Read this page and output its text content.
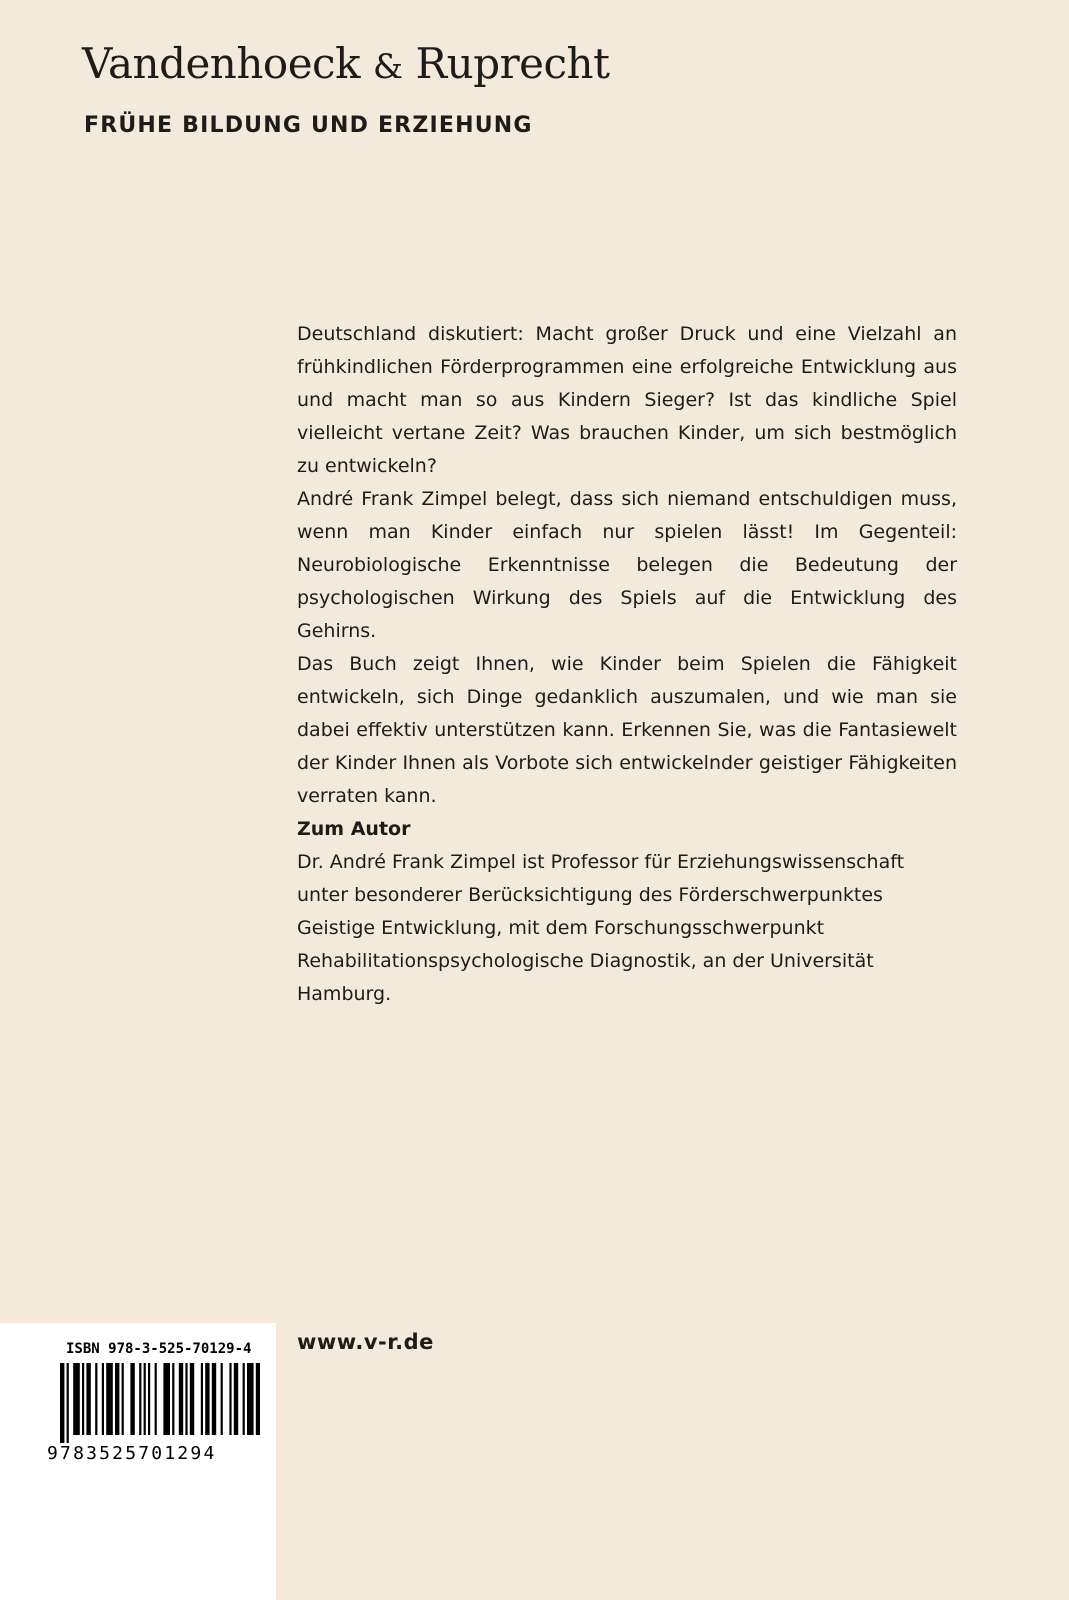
Vandenhoeck & Ruprecht
FRÜHE BILDUNG UND ERZIEHUNG

Deutschland diskutiert: Macht großer Druck und eine Vielzahl an frühkindlichen Förderprogrammen eine erfolgreiche Entwicklung aus und macht man so aus Kindern Sieger? Ist das kindliche Spiel vielleicht vertane Zeit? Was brauchen Kinder, um sich bestmöglich zu entwickeln?

André Frank Zimpel belegt, dass sich niemand entschuldigen muss, wenn man Kinder einfach nur spielen lässt! Im Gegenteil: Neurobiologische Erkenntnisse belegen die Bedeutung der psychologischen Wirkung des Spiels auf die Entwicklung des Gehirns.

Das Buch zeigt Ihnen, wie Kinder beim Spielen die Fähigkeit entwickeln, sich Dinge gedanklich auszumalen, und wie man sie dabei effektiv unterstützen kann. Erkennen Sie, was die Fantasiewelt der Kinder Ihnen als Vorbote sich entwickelnder geistiger Fähigkeiten verraten kann.

Zum Autor

Dr. André Frank Zimpel ist Professor für Erziehungswissenschaft unter besonderer Berücksichtigung des Förderschwerpunktes Geistige Entwicklung, mit dem Forschungsschwerpunkt Rehabilitationspsychologische Diagnostik, an der Universität Hamburg.

www.v-r.de
ISBN 978-3-525-70129-4
9783525701294
